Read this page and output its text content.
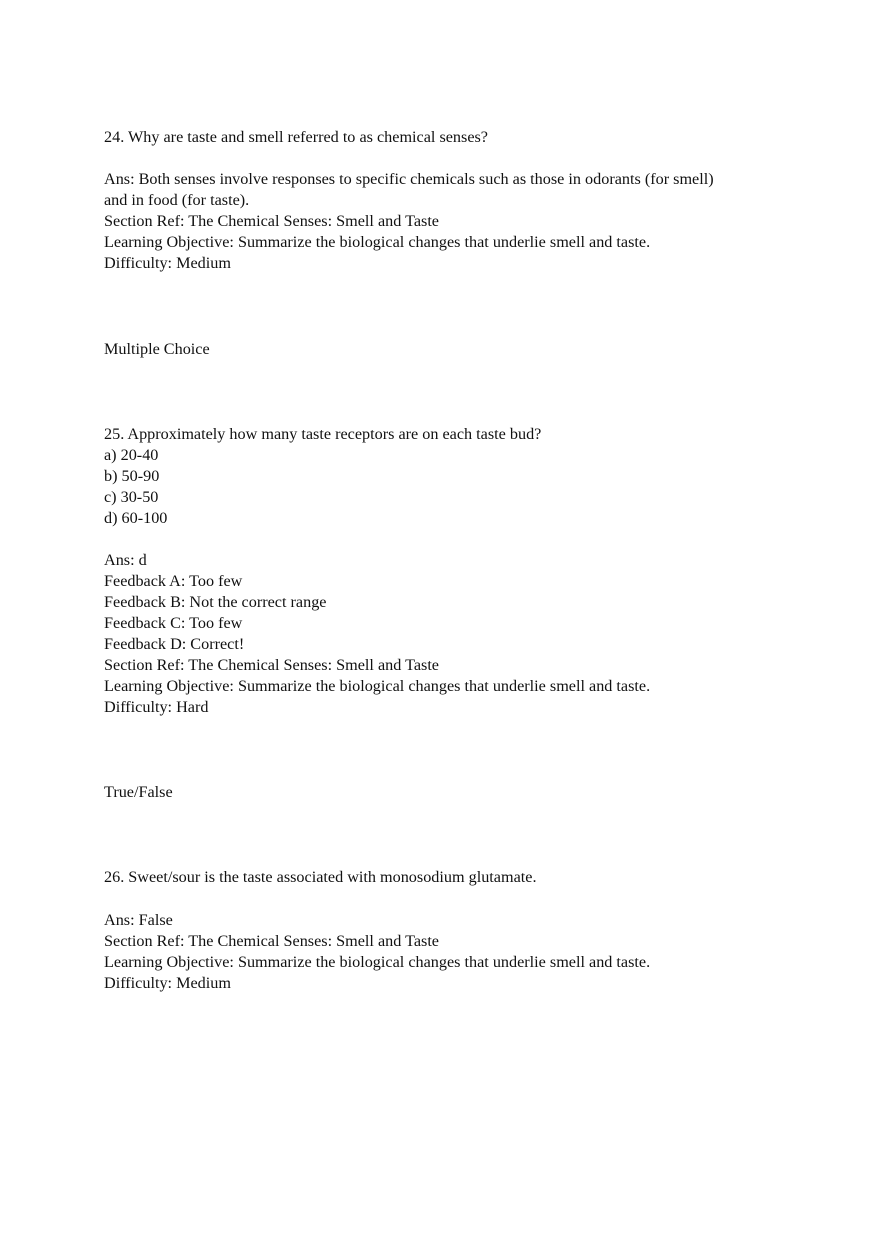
24. Why are taste and smell referred to as chemical senses?
Ans: Both senses involve responses to specific chemicals such as those in odorants (for smell)
and in food (for taste).
Section Ref: The Chemical Senses: Smell and Taste
Learning Objective: Summarize the biological changes that underlie smell and taste.
Difficulty: Medium
Multiple Choice
25. Approximately how many taste receptors are on each taste bud?
a) 20-40
b) 50-90
c) 30-50
d) 60-100
Ans: d
Feedback A: Too few
Feedback B: Not the correct range
Feedback C: Too few
Feedback D: Correct!
Section Ref: The Chemical Senses: Smell and Taste
Learning Objective: Summarize the biological changes that underlie smell and taste.
Difficulty: Hard
True/False
26. Sweet/sour is the taste associated with monosodium glutamate.
Ans: False
Section Ref: The Chemical Senses: Smell and Taste
Learning Objective: Summarize the biological changes that underlie smell and taste.
Difficulty: Medium
